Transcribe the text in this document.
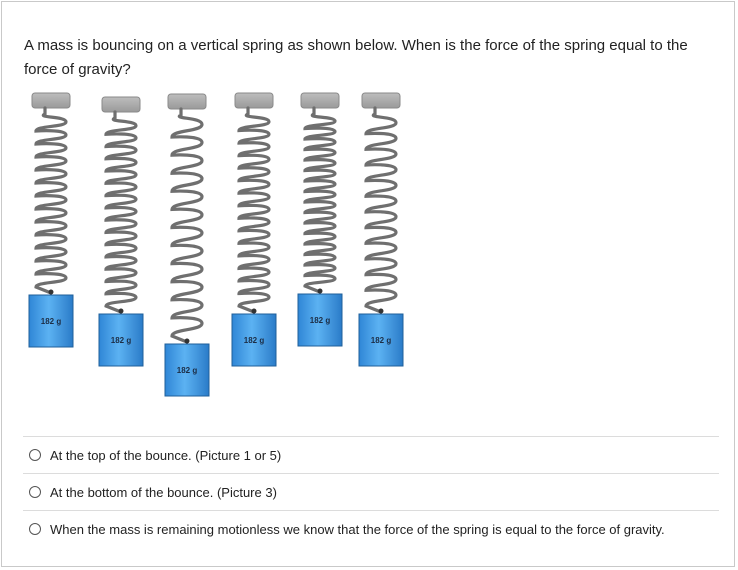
A mass is bouncing on a vertical spring as shown below. When is the force of the spring equal to the force of gravity?
182 g
182 g
182 g
182 g
182 g
182 g
At the top of the bounce. (Picture 1 or 5)
At the bottom of the bounce. (Picture 3)
When the mass is remaining motionless we know that the force of the spring is equal to the force of gravity.
